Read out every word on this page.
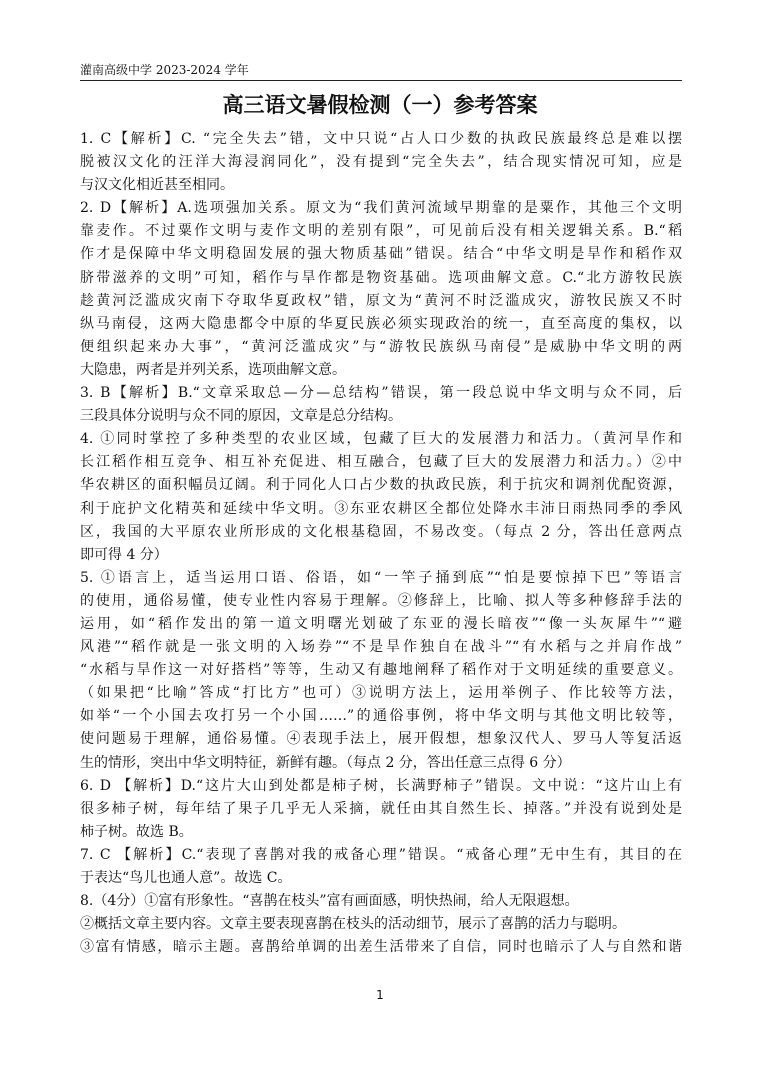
灌南高级中学 2023-2024 学年
高三语文暑假检测（一）参考答案
1. C【解析】C. “完全失去”错，文中只说“占人口少数的执政民族最终总是难以摆
脱被汉文化的汪洋大海浸润同化”，没有提到“完全失去”，结合现实情况可知，应是
与汉文化相近甚至相同。
2. D【解析】A.选项强加关系。原文为“我们黄河流域早期靠的是粟作，其他三个文明
靠麦作。不过粟作文明与麦作文明的差别有限”，可见前后没有相关逻辑关系。B.“稻
作才是保障中华文明稳固发展的强大物质基础”错误。结合“中华文明是旱作和稻作双
脐带滋养的文明”可知，稻作与旱作都是物资基础。选项曲解文意。C.“北方游牧民族
趁黄河泛滥成灾南下夺取华夏政权”错，原文为“黄河不时泛滥成灾，游牧民族又不时
纵马南侵，这两大隐患都令中原的华夏民族必须实现政治的统一，直至高度的集权，以
便组织起来办大事”，“黄河泛滥成灾”与“游牧民族纵马南侵”是威胁中华文明的两
大隐患，两者是并列关系，选项曲解文意。
3. B【解析】B.“文章采取总—分—总结构”错误，第一段总说中华文明与众不同，后
三段具体分说明与众不同的原因，文章是总分结构。
4. ①同时掌控了多种类型的农业区域，包藏了巨大的发展潜力和活力。（黄河旱作和
长江稻作相互竞争、相互补充促进、相互融合，包藏了巨大的发展潜力和活力。）②中
华农耕区的面积幅员辽阔。利于同化人口占少数的执政民族，利于抗灾和调剂优配资源，
利于庇护文化精英和延续中华文明。③东亚农耕区全都位处降水丰沛日雨热同季的季风
区，我国的大平原农业所形成的文化根基稳固，不易改变。（每点 2 分，答出任意两点
即可得 4 分）
5. ①语言上，适当运用口语、俗语，如“一竿子捅到底”“怕是要惊掉下巴”等语言
的使用，通俗易懂，使专业性内容易于理解。②修辞上，比喻、拟人等多种修辞手法的
运用，如“稻作发出的第一道文明曙光划破了东亚的漫长暗夜”“像一头灰犀牛”“避
风港”“稻作就是一张文明的入场券”“不是旱作独自在战斗”“有水稻与之并肩作战”
“水稻与旱作这一对好搭档”等等，生动又有趣地阐释了稻作对于文明延续的重要意义。
（如果把“比喻”答成“打比方”也可）③说明方法上，运用举例子、作比较等方法，
如举“一个小国去攻打另一个小国……”的通俗事例，将中华文明与其他文明比较等，
使问题易于理解，通俗易懂。④表现手法上，展开假想，想象汉代人、罗马人等复活返
生的情形，突出中华文明特征，新鲜有趣。（每点 2 分，答出任意三点得 6 分）
6. D 【解析】D.“这片大山到处都是柿子树，长满野柿子”错误。文中说：“这片山上有
很多柿子树，每年结了果子几乎无人采摘，就任由其自然生长、掉落。”并没有说到处是
柿子树。故选 B。
7. C 【解析】C.“表现了喜鹊对我的戒备心理”错误。“戒备心理”无中生有，其目的在
于表达“鸟儿也通人意”。故选 C。
8.（4分）①富有形象性。“喜鹊在枝头”富有画面感，明快热闹，给人无限遐想。
②概括文章主要内容。文章主要表现喜鹊在枝头的活动细节，展示了喜鹊的活力与聪明。
③富有情感，暗示主题。喜鹊给单调的出差生活带来了自信，同时也暗示了人与自然和谐
1
